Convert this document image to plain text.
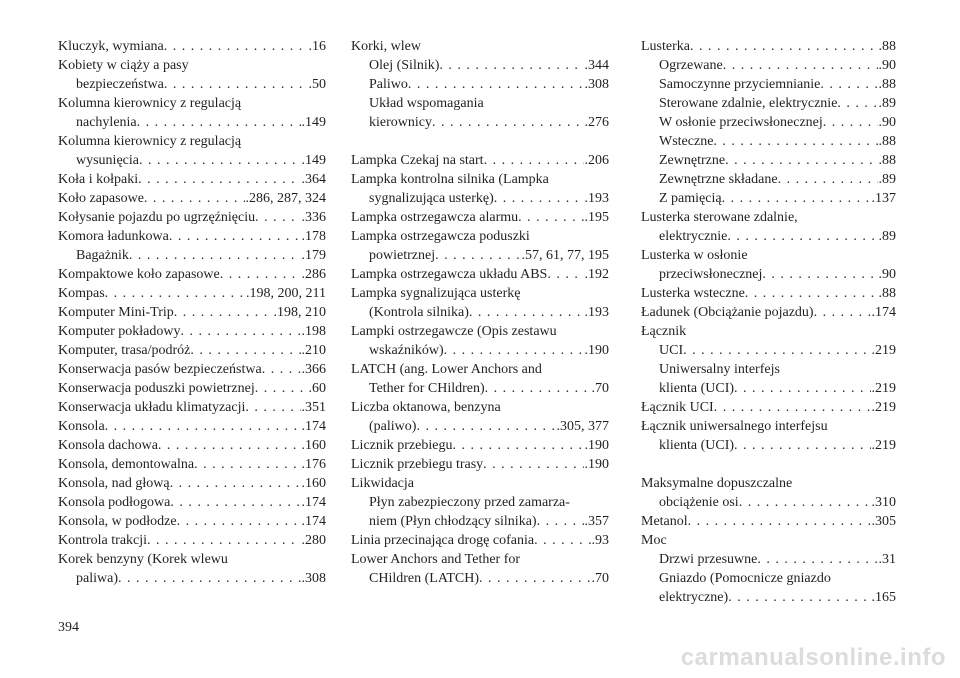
Kluczyk, wymiana . . .	.16
Kobiety w ciąży a pasy
bezpieczeństwa . . .	.50
Kolumna kierownicy z regulacją
nachylenia . . .	.149
Kolumna kierownicy z regulacją
wysunięcia . . .	.149
Koła i kołpaki . . .	.364
Koło zapasowe . . .	.286, 287, 324
Kołysanie pojazdu po ugrzęźnięciu . . .	.336
Komora ładunkowa . . .	.178
Bagażnik . . .	.179
Kompaktowe koło zapasowe . . .	.286
Kompas . . .	.198, 200, 211
Komputer Mini-Trip . . .	.198, 210
Komputer pokładowy . . .	.198
Komputer, trasa/podróż . . .	.210
Konserwacja pasów bezpieczeństwa . . .	.366
Konserwacja poduszki powietrznej . . .	.60
Konserwacja układu klimatyzacji . . .	.351
Konsola . . .	.174
Konsola dachowa . . .	.160
Konsola, demontowalna . . .	.176
Konsola, nad głową . . .	.160
Konsola podłogowa . . .	.174
Konsola, w podłodze . . .	.174
Kontrola trakcji . . .	.280
Korek benzyny (Korek wlewu
paliwa) . . .	.308
Korki, wlew
Olej (Silnik) . . .	.344
Paliwo . . .	.308
Układ wspomagania
kierownicy . . .	.276
Lampka Czekaj na start . . .	.206
Lampka kontrolna silnika (Lampka
sygnalizująca usterkę) . . .	.193
Lampka ostrzegawcza alarmu . . .	.195
Lampka ostrzegawcza poduszki
powietrznej . . .	.57, 61, 77, 195
Lampka ostrzegawcza układu ABS . . .	.192
Lampka sygnalizująca usterkę
(Kontrola silnika) . . .	.193
Lampki ostrzegawcze (Opis zestawu
wskaźników) . . .	.190
LATCH (ang. Lower Anchors and
Tether for CHildren) . . .	.70
Liczba oktanowa, benzyna
(paliwo) . . .	.305, 377
Licznik przebiegu . . .	.190
Licznik przebiegu trasy . . .	.190
Likwidacja
Płyn zabezpieczony przed zamarza-
niem (Płyn chłodzący silnika) . . .	.357
Linia przecinająca drogę cofania . . .	.93
Lower Anchors and Tether for
CHildren (LATCH) . . .	.70
Lusterka . . .	.88
Ogrzewane . . .	.90
Samoczynne przyciemnianie . . .	.88
Sterowane zdalnie, elektrycznie . . .	.89
W osłonie przeciwsłonecznej . . .	.90
Wsteczne . . .	.88
Zewnętrzne . . .	.88
Zewnętrzne składane . . .	.89
Z pamięcią . . .	.137
Lusterka sterowane zdalnie,
elektrycznie . . .	.89
Lusterka w osłonie
przeciwsłonecznej . . .	.90
Lusterka wsteczne . . .	.88
Ładunek (Obciążanie pojazdu) . . .	.174
Łącznik
UCI . . .	.219
Uniwersalny interfejs
klienta (UCI) . . .	.219
Łącznik UCI . . .	.219
Łącznik uniwersalnego interfejsu
klienta (UCI) . . .	.219
Maksymalne dopuszczalne
obciążenie osi . . .	.310
Metanol . . .	.305
Moc
Drzwi przesuwne . . .	.31
Gniazdo (Pomocnicze gniazdo
elektryczne) . . .	.165
394
carmanualsonline.info
